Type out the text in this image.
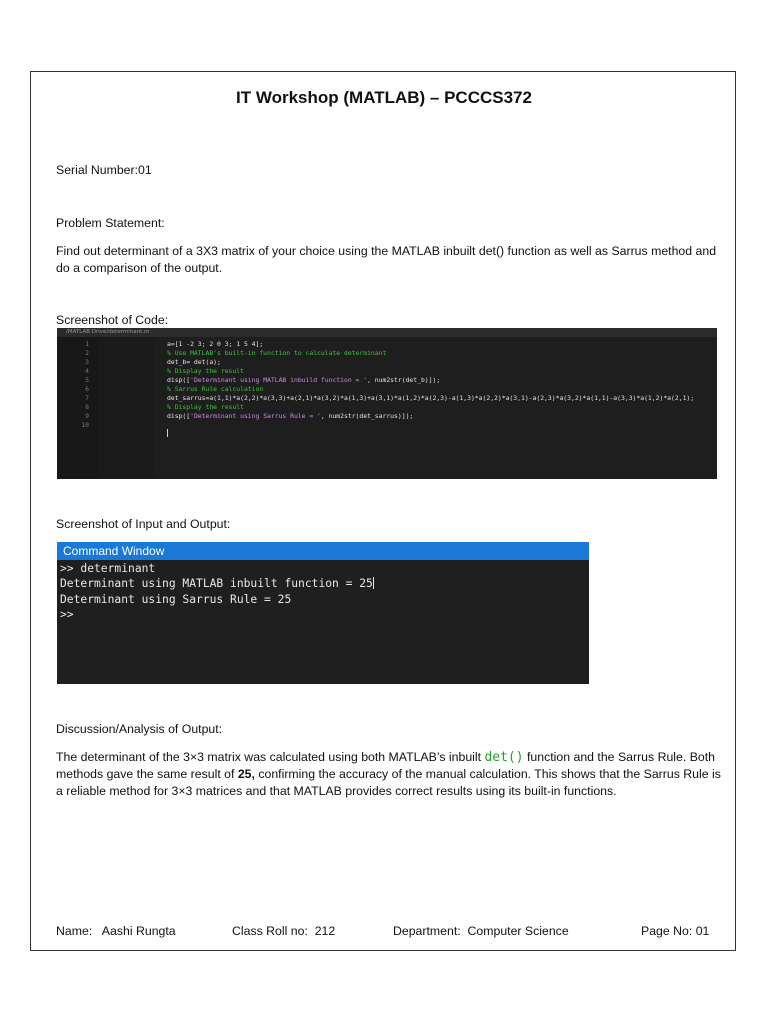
IT Workshop (MATLAB) – PCCCS372
Serial Number:01
Problem Statement:

Find out determinant of a 3X3 matrix of your choice using the MATLAB inbuilt det() function as well as Sarrus method and do a comparison of the output.

Screenshot of Code:
/MATLAB Drive/determinant.m
1
2
3
4
5
6
7
8
9
10
a=[1 -2 3; 2 0 3; 1 5 4];
% Use MATLAB's built-in function to calculate determinant
det_b= det(a);
% Display the result
disp(['Determinant using MATLAB inbuild function = ', num2str(det_b)]);
% Sarrus Rule calculation
det_sarrus=a(1,1)*a(2,2)*a(3,3)+a(2,1)*a(3,2)*a(1,3)+a(3,1)*a(1,2)*a(2,3)-a(1,3)*a(2,2)*a(3,1)-a(2,3)*a(3,2)*a(1,1)-a(3,3)*a(1,2)*a(2,1);
% Display the result
disp(['Determinant using Sarrus Rule = ', num2str(det_sarrus)]);
Screenshot of Input and Output:
Command Window
>> determinant
Determinant using MATLAB inbuilt function = 25
Determinant using Sarrus Rule = 25
>>
Discussion/Analysis of Output:

The determinant of the 3×3 matrix was calculated using both MATLAB’s inbuilt det() function and the Sarrus Rule. Both methods gave the same result of 25, confirming the accuracy of the manual calculation. This shows that the Sarrus Rule is a reliable method for 3×3 matrices and that MATLAB provides correct results using its built-in functions.

Name: Aashi Rungta	Class Roll no: 212	Department: Computer Science	Page No: 01
